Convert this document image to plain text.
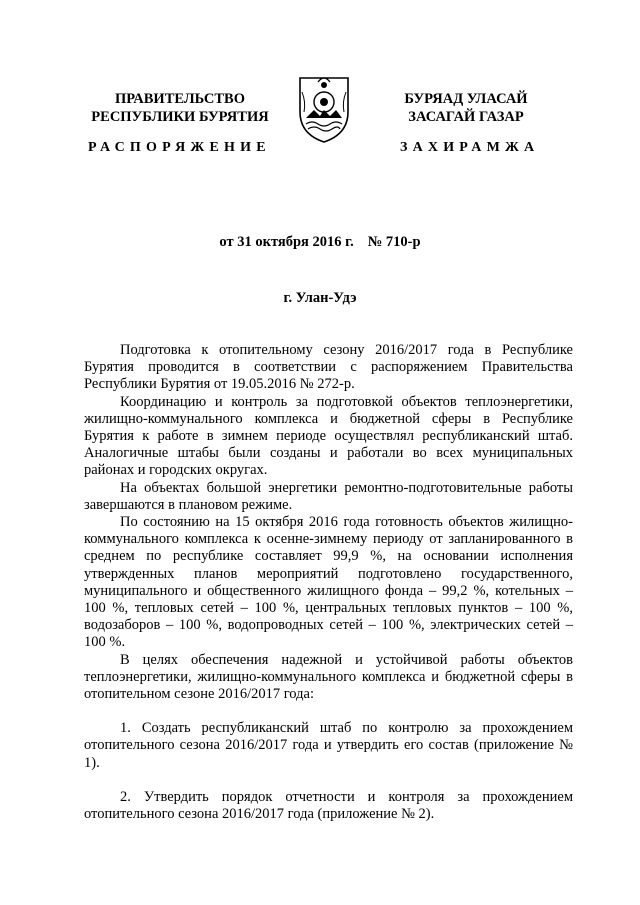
ПРАВИТЕЛЬСТВО
РЕСПУБЛИКИ БУРЯТИЯ
БУРЯАД УЛАСАЙ
ЗАСАГАЙ ГАЗАР
РАСПОРЯЖЕНИЕ	ЗАХИРАМЖА
от 31 октября 2016 г. № 710-р
г. Улан-Удэ

Подготовка к отопительному сезону 2016/2017 года в Республике Бурятия проводится в соответствии с распоряжением Правительства Республики Бурятия от 19.05.2016 № 272-р.

Координацию и контроль за подготовкой объектов теплоэнергетики, жилищно-коммунального комплекса и бюджетной сферы в Республике Бурятия к работе в зимнем периоде осуществлял республиканский штаб. Аналогичные штабы были созданы и работали во всех муниципальных районах и городских округах.

На объектах большой энергетики ремонтно-подготовительные работы завершаются в плановом режиме.

По состоянию на 15 октября 2016 года готовность объектов жилищно-коммунального комплекса к осенне-зимнему периоду от запланированного в среднем по республике составляет 99,9 %, на основании исполнения утвержденных планов мероприятий подготовлено государственного, муниципального и общественного жилищного фонда – 99,2 %, котельных – 100 %, тепловых сетей – 100 %, центральных тепловых пунктов – 100 %, водозаборов – 100 %, водопроводных сетей – 100 %, электрических сетей – 100 %.

В целях обеспечения надежной и устойчивой работы объектов теплоэнергетики, жилищно-коммунального комплекса и бюджетной сферы в отопительном сезоне 2016/2017 года:

1. Создать республиканский штаб по контролю за прохождением отопительного сезона 2016/2017 года и утвердить его состав (приложение № 1).

2. Утвердить порядок отчетности и контроля за прохождением отопительного сезона 2016/2017 года (приложение № 2).
